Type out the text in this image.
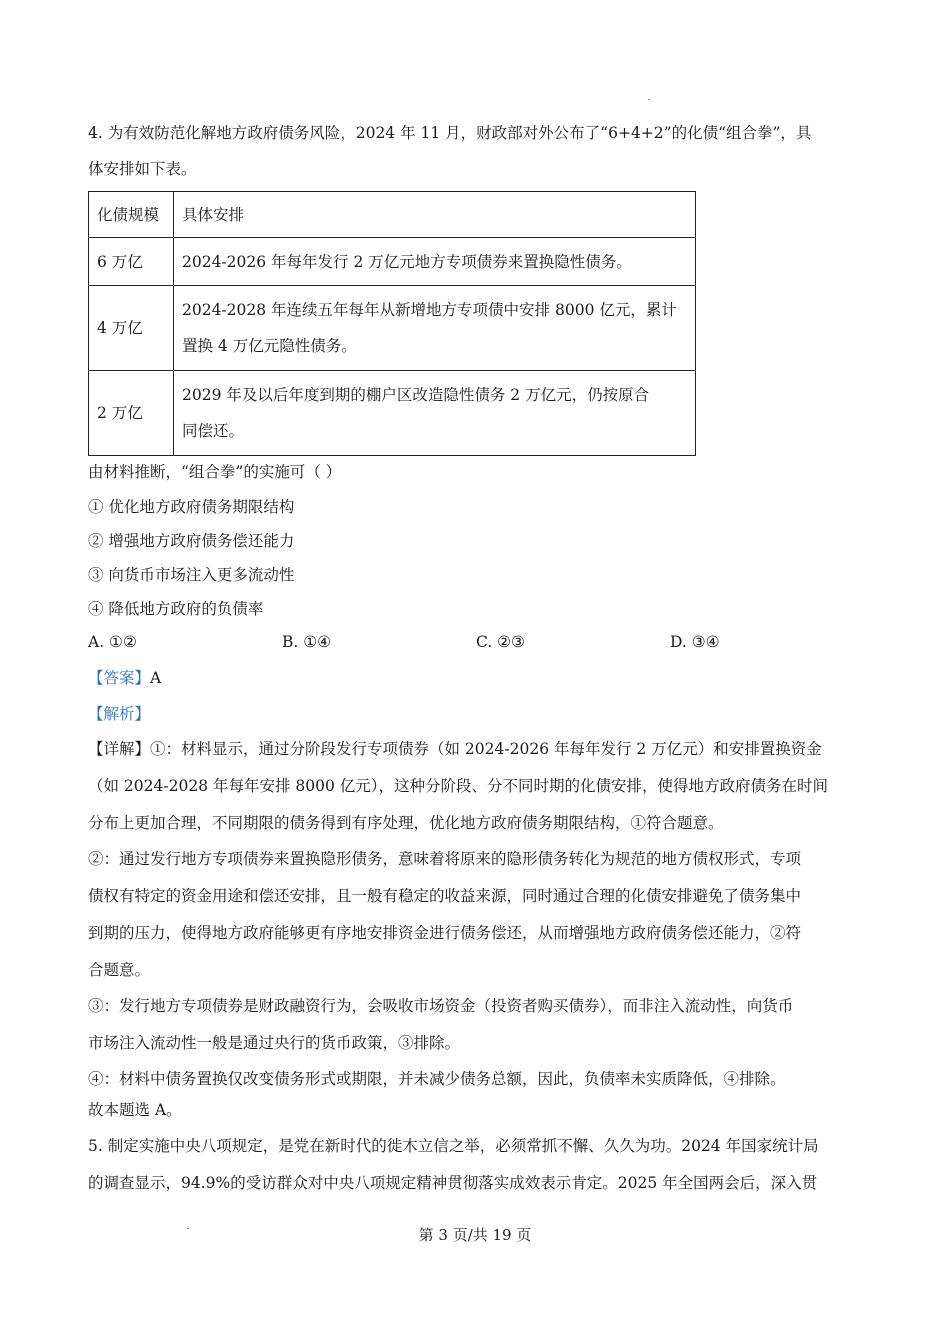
4. 为有效防范化解地方政府债务风险，2024 年 11 月，财政部对外公布了“6+4+2”的化债“组合拳”，具
体安排如下表。
化债规模	具体安排
6 万亿	2024-2026 年每年发行 2 万亿元地方专项债券来置换隐性债务。
4 万亿	2024-2028 年连续五年每年从新增地方专项债中安排 8000 亿元，累计
置换 4 万亿元隐性债务。

2 万亿	2029 年及以后年度到期的棚户区改造隐性债务 2 万亿元，仍按原合
同偿还。
由材料推断，“组合拳”的实施可（ ）
① 优化地方政府债务期限结构
② 增强地方政府债务偿还能力
③ 向货币市场注入更多流动性
④ 降低地方政府的负债率
A. ①②	B. ①④	C. ②③	D. ③④
【答案】A
【解析】
【详解】①：材料显示，通过分阶段发行专项债券（如 2024-2026 年每年发行 2 万亿元）和安排置换资金
（如 2024-2028 年每年安排 8000 亿元），这种分阶段、分不同时期的化债安排，使得地方政府债务在时间
分布上更加合理，不同期限的债务得到有序处理，优化地方政府债务期限结构，①符合题意。
②：通过发行地方专项债券来置换隐形债务，意味着将原来的隐形债务转化为规范的地方债权形式，专项
债权有特定的资金用途和偿还安排，且一般有稳定的收益来源，同时通过合理的化债安排避免了债务集中
到期的压力，使得地方政府能够更有序地安排资金进行债务偿还，从而增强地方政府债务偿还能力，②符
合题意。
③：发行地方专项债券是财政融资行为，会吸收市场资金（投资者购买债券），而非注入流动性，向货币
市场注入流动性一般是通过央行的货币政策，③排除。
④：材料中债务置换仅改变债务形式或期限，并未减少债务总额，因此，负债率未实质降低，④排除。
故本题选 A。
5. 制定实施中央八项规定，是党在新时代的徙木立信之举，必须常抓不懈、久久为功。2024 年国家统计局
的调查显示，94.9%的受访群众对中央八项规定精神贯彻落实成效表示肯定。2025 年全国两会后，深入贯
第 3 页/共 19 页
